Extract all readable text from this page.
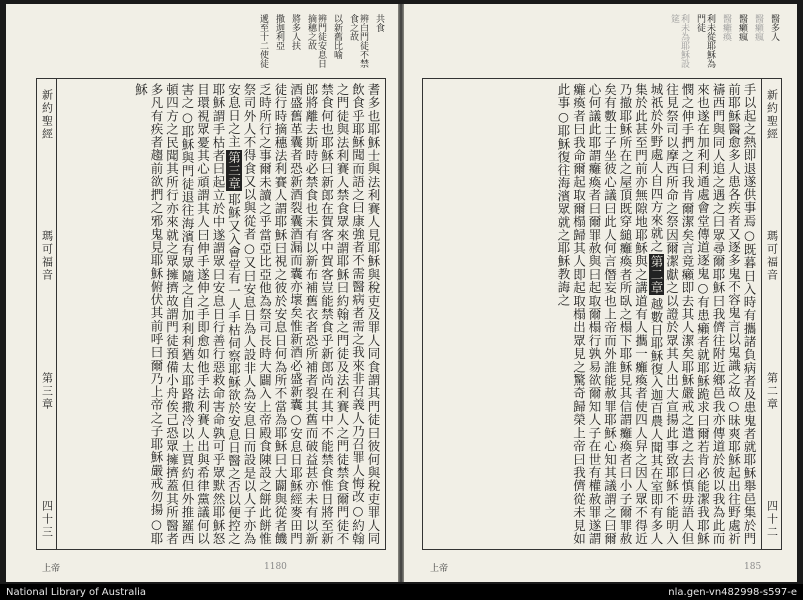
共食
辨白門徒不禁食之故
以新舊比喻
辨門徒安息日摘穗之故
將多人扶
撒迦利亞
遞至十二使徒
新約聖經
瑪可福音
第三章
四十三	耆多也耶穌士與法利賽人見耶穌與稅吏及罪人同食謂其門徒曰彼何與稅吏罪人同飲食乎耶穌聞而語之曰康強者不需醫病者需之我來非召義人乃召罪人悔改○約翰之門徒與法利賽人禁食眾來謂耶穌曰約翰之門徒及法利賽人之門徒禁食爾門徒不禁食何也耶穌曰新郎在賀客中賀客豈能禁食乎新郎尚在其中不能禁食惟日將至新郎將離去斯時必禁食也未有以新布補舊衣者恐所補者裂其舊而破益甚亦未有以新酒盛舊革囊者恐新酒裂囊酒漏而囊亦壞矣惟新酒必盛新囊○安息日耶穌經麥田門徒行時摘穗法利賽人謂耶穌曰視之彼於安息日何為所不當為耶穌曰大闢與從者饑乏時所行之事爾未讀之乎當亞比亞他為祭司長時大闢入上帝殿食陳設之餅此餅惟祭司外人不得食又以與從者○又曰安息日為人設非人為安息日而設是以人子亦為安息日之主第三章耶穌又入會堂有一人手枯伺察耶穌欲於安息日醫之否以便控之耶穌謂手枯者曰起立於中遂謂眾曰安息日行善行惡救命害命孰可乎眾默然耶穌怒目環視眾憂其心頑謂其人曰伸手遂伸之手即愈如他手法利賽人出與希律黨議何以害之○耶穌與門徒退往海濱有眾隨之自加利利猶太耶路撒冷以土買約但外推羅西頓四方之民聞其所行亦來就之眾擁擠故謂門徒預備小舟俟己恐眾擁擠蓋其所醫者多凡有疾者趨前欲捫之邪鬼見耶穌俯伏其前呼曰爾乃上帝之子耶穌嚴戒勿揚○耶穌
上帝	1180
醫多人
醫癩瘋
醫癩瘋
醫癱瘓
利未從耶穌為門徒
利未為耶穌設筵
新約聖經
瑪可福音
第二章
四十二
手以起之熱即退遂供事焉○既暮日入時有攜諸負病者及患鬼者就耶穌舉邑集於門前耶穌醫愈多人患各疾者又逐多鬼不容鬼言以鬼識之故○昧爽耶穌起出往野處祈禱西門與同人追之遇之曰眾尋爾耶穌曰我儕往附近鄉邑我亦傳道於彼以我為此而來也遂在加利利通處會堂傳道逐鬼○有患癩者就耶穌跪求曰爾若肯必能潔我耶穌憫之伸手捫之曰我肯爾潔矣言竟癩即去其人潔矣耶穌嚴戒之遣之去曰慎毋語人但往見祭司以摩西所命之祭因爾潔獻之以證於眾其人出大宣揚此事致耶穌不能明入城祇於外野處人自四方來就之第二章越數日耶穌復入迦百農人聞其在室即有多人集於此甚至門前亦無隙地耶穌與之講道有人攜一癱瘓者使四人舁之因人眾不得近乃撤耶穌所在之屋頂既穿縋癱瘓者所臥之榻下耶穌見其信謂癱瘓者曰小子爾罪赦矣有數士子坐彼心議曰此人何言僭妄也上帝而外誰能赦罪耶穌心知其議謂之曰爾心何議此耶謂癱瘓者曰爾罪赦與曰起取爾榻行孰易欲爾知人子在世有權赦罪遂謂癱瘓者曰我命爾起取爾榻歸其人即起取榻出眾見之驚奇歸榮上帝曰我儕從未見如此事○耶穌復往海濱眾就之耶穌教誨之
上帝	185
National Library of Australia	nla.gen-vn482998-s597-e
